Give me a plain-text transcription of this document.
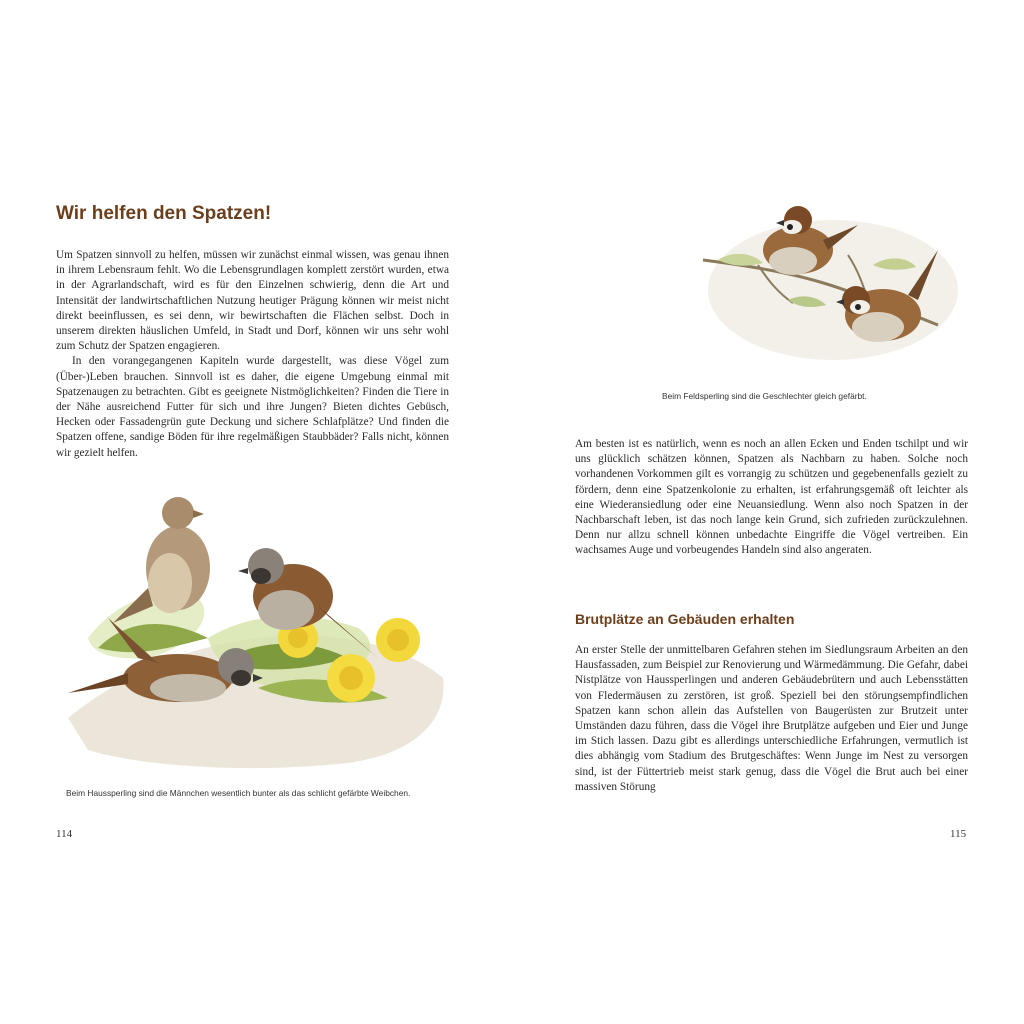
Wir helfen den Spatzen!

Um Spatzen sinnvoll zu helfen, müssen wir zunächst einmal wissen, was genau ihnen in ihrem Lebensraum fehlt. Wo die Lebensgrundlagen komplett zerstört wurden, etwa in der Agrarlandschaft, wird es für den Einzelnen schwierig, denn die Art und Intensität der landwirtschaftlichen Nutzung heutiger Prägung können wir meist nicht direkt beeinflussen, es sei denn, wir bewirtschaften die Flächen selbst. Doch in unserem direkten häuslichen Umfeld, in Stadt und Dorf, können wir uns sehr wohl zum Schutz der Spatzen engagieren.

In den vorangegangenen Kapiteln wurde dargestellt, was diese Vögel zum (Über-)Leben brauchen. Sinnvoll ist es daher, die eigene Umgebung einmal mit Spatzenaugen zu betrachten. Gibt es geeignete Nistmöglichkeiten? Finden die Tiere in der Nähe ausreichend Futter für sich und ihre Jungen? Bieten dichtes Gebüsch, Hecken oder Fassadengrün gute Deckung und sichere Schlafplätze? Und finden die Spatzen offene, sandige Böden für ihre regelmäßigen Staubbäder? Falls nicht, können wir gezielt helfen.

Beim Haussperling sind die Männchen wesentlich bunter als das schlicht gefärbte Weibchen.
114
Beim Feldsperling sind die Geschlechter gleich gefärbt.

Am besten ist es natürlich, wenn es noch an allen Ecken und Enden tschilpt und wir uns glücklich schätzen können, Spatzen als Nachbarn zu haben. Solche noch vorhandenen Vorkommen gilt es vorrangig zu schützen und gegebenenfalls gezielt zu fördern, denn eine Spatzenkolonie zu erhalten, ist erfahrungsgemäß oft leichter als eine Wiederansiedlung oder eine Neuansiedlung. Wenn also noch Spatzen in der Nachbarschaft leben, ist das noch lange kein Grund, sich zufrieden zurückzulehnen. Denn nur allzu schnell können unbedachte Eingriffe die Vögel vertreiben. Ein wachsames Auge und vorbeugendes Handeln sind also angeraten.

Brutplätze an Gebäuden erhalten

An erster Stelle der unmittelbaren Gefahren stehen im Siedlungsraum Arbeiten an den Hausfassaden, zum Beispiel zur Renovierung und Wärmedämmung. Die Gefahr, dabei Nistplätze von Haussperlingen und anderen Gebäudebrütern und auch Lebensstätten von Fledermäusen zu zerstören, ist groß. Speziell bei den störungsempfindlichen Spatzen kann schon allein das Aufstellen von Baugerüsten zur Brutzeit unter Umständen dazu führen, dass die Vögel ihre Brutplätze aufgeben und Eier und Junge im Stich lassen. Dazu gibt es allerdings unterschiedliche Erfahrungen, vermutlich ist dies abhängig vom Stadium des Brutgeschäftes: Wenn Junge im Nest zu versorgen sind, ist der Füttertrieb meist stark genug, dass die Vögel die Brut auch bei einer massiven Störung

115
